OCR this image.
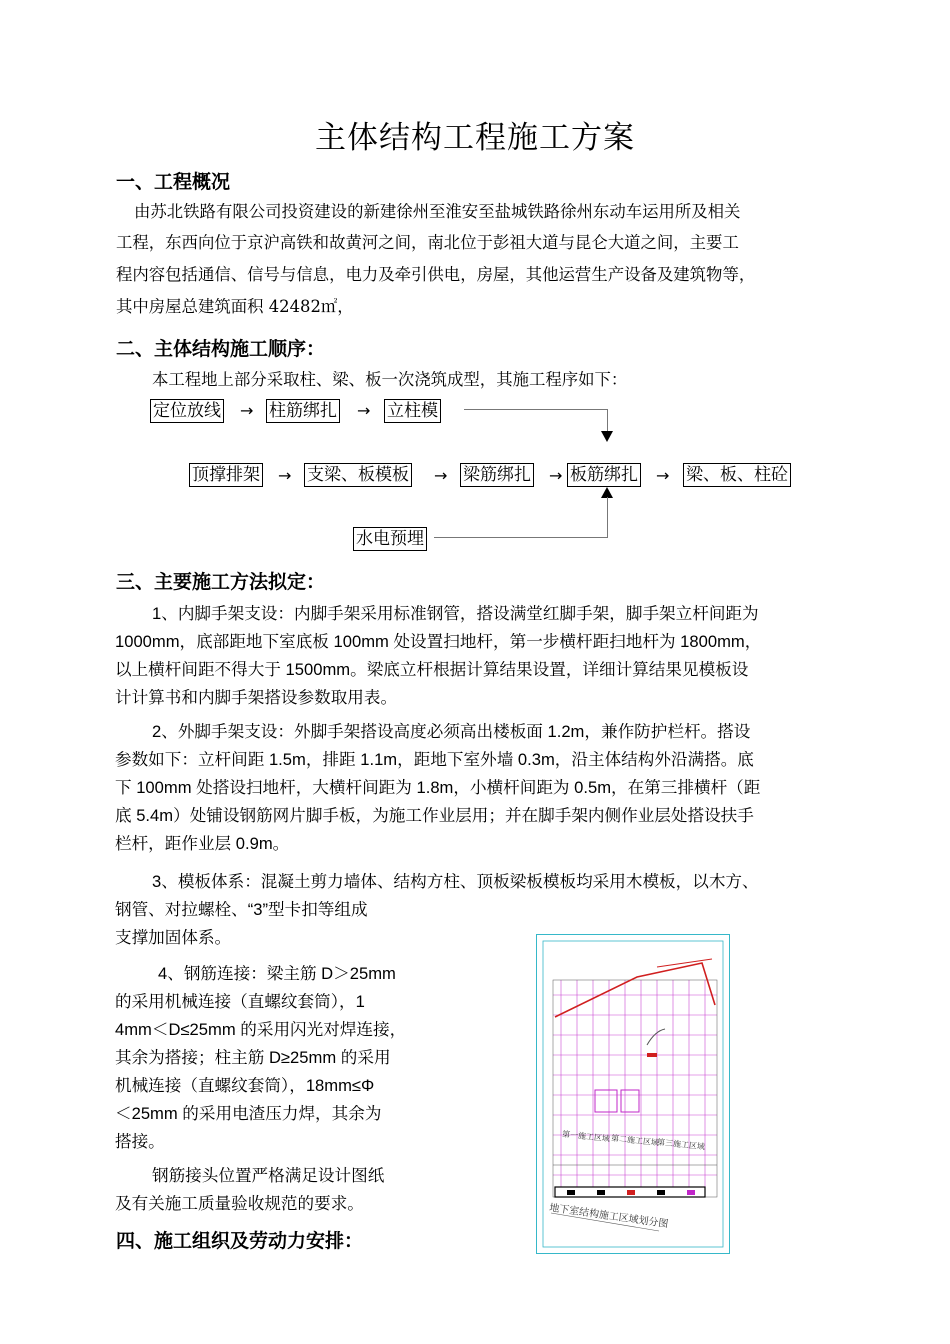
主体结构工程施工方案
一、工程概况
由苏北铁路有限公司投资建设的新建徐州至淮安至盐城铁路徐州东动车运用所及相关
工程，东西向位于京沪高铁和故黄河之间，南北位于彭祖大道与昆仑大道之间，主要工
程内容包括通信、信号与信息，电力及牵引供电，房屋，其他运营生产设备及建筑物等，
其中房屋总建筑面积 42482㎡，
二、主体结构施工顺序：
本工程地上部分采取柱、梁、板一次浇筑成型，其施工程序如下：
定位放线 → 柱筋绑扎 → 立柱模
顶撑排架 → 支梁、板模板 → 梁筋绑扎 → 板筋绑扎 → 梁、板、柱砼
水电预埋
三、主要施工方法拟定：
1、内脚手架支设：内脚手架采用标准钢管，搭设满堂红脚手架，脚手架立杆间距为
1000mm，底部距地下室底板 100mm 处设置扫地杆，第一步横杆距扫地杆为 1800mm，
以上横杆间距不得大于 1500mm。梁底立杆根据计算结果设置，详细计算结果见模板设
计计算书和内脚手架搭设参数取用表。
2、外脚手架支设：外脚手架搭设高度必须高出楼板面 1.2m，兼作防护栏杆。搭设
参数如下：立杆间距 1.5m，排距 1.1m，距地下室外墙 0.3m，沿主体结构外沿满搭。底
下 100mm 处搭设扫地杆，大横杆间距为 1.8m，小横杆间距为 0.5m，在第三排横杆（距
底 5.4m）处铺设钢筋网片脚手板，为施工作业层用；并在脚手架内侧作业层处搭设扶手
栏杆，距作业层 0.9m。
3、模板体系：混凝土剪力墙体、结构方柱、顶板梁板模板均采用木模板，以木方、
钢管、对拉螺栓、“3”型卡扣等组成
支撑加固体系。
4、钢筋连接：梁主筋 D＞25mm
的采用机械连接（直螺纹套筒），1
4mm＜D≤25mm 的采用闪光对焊连接，
其余为搭接；柱主筋 D≥25mm 的采用
机械连接（直螺纹套筒），18mm≤Φ
＜25mm 的采用电渣压力焊，其余为
搭接。
钢筋接头位置严格满足设计图纸
及有关施工质量验收规范的要求。
四、施工组织及劳动力安排：
第一施工区域 第二施工区域
第三施工区域
地下室结构施工区域划分图
